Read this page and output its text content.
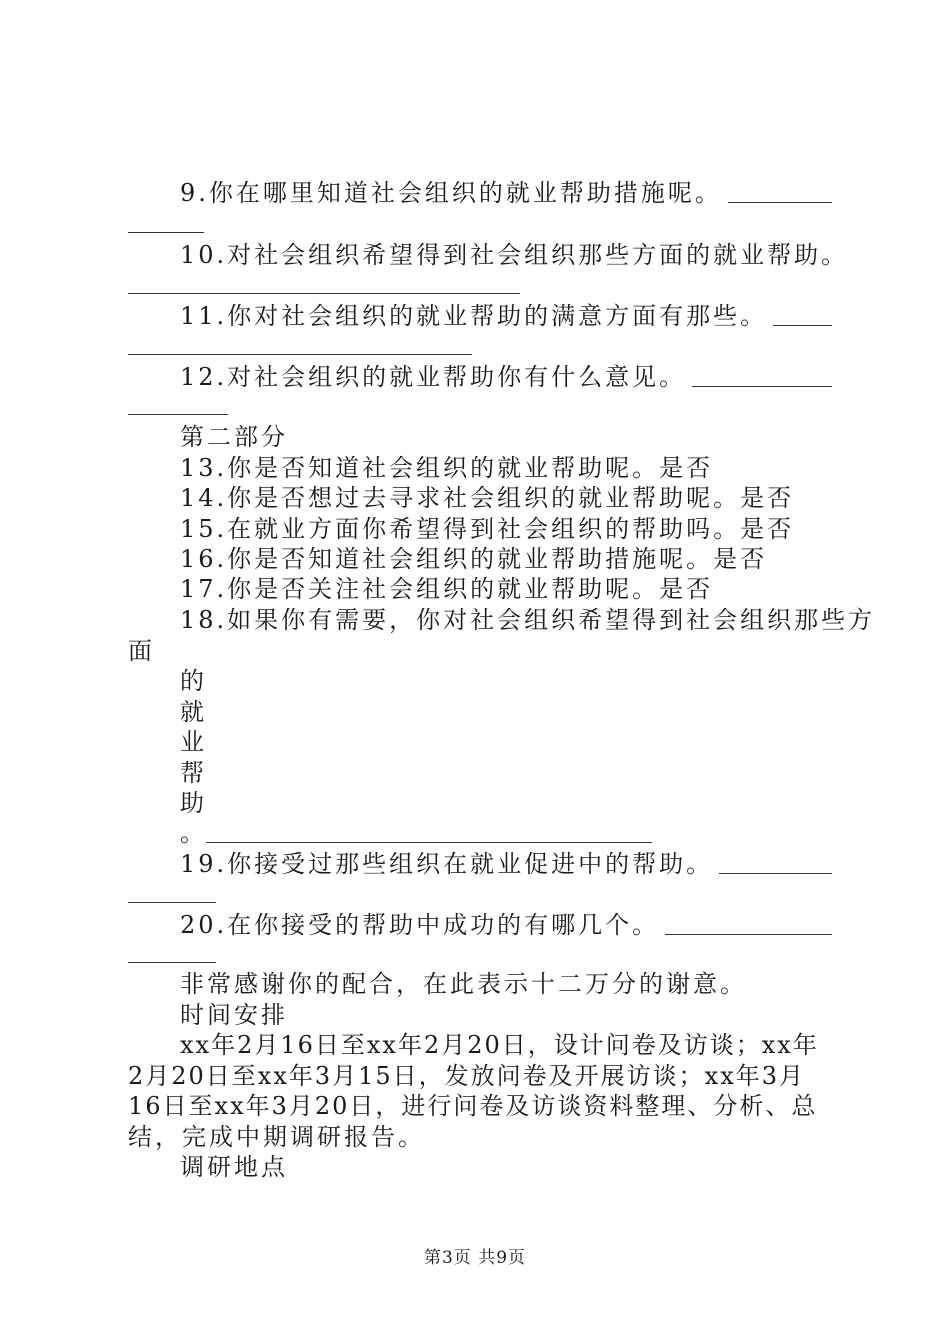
9.你在哪里知道社会组织的就业帮助措施呢。
10.对社会组织希望得到社会组织那些方面的就业帮助。
11.你对社会组织的就业帮助的满意方面有那些。
12.对社会组织的就业帮助你有什么意见。
第二部分
13.你是否知道社会组织的就业帮助呢。是否
14.你是否想过去寻求社会组织的就业帮助呢。是否
15.在就业方面你希望得到社会组织的帮助吗。是否
16.你是否知道社会组织的就业帮助措施呢。是否
17.你是否关注社会组织的就业帮助呢。是否
18.如果你有需要，你对社会组织希望得到社会组织那些方
面
的
就
业
帮
助
。
19.你接受过那些组织在就业促进中的帮助。
20.在你接受的帮助中成功的有哪几个。
非常感谢你的配合，在此表示十二万分的谢意。
时间安排
xx年2月16日至xx年2月20日，设计问卷及访谈；xx年
2月20日至xx年3月15日，发放问卷及开展访谈；xx年3月
16日至xx年3月20日，进行问卷及访谈资料整理、分析、总
结，完成中期调研报告。
调研地点
第3页 共9页
